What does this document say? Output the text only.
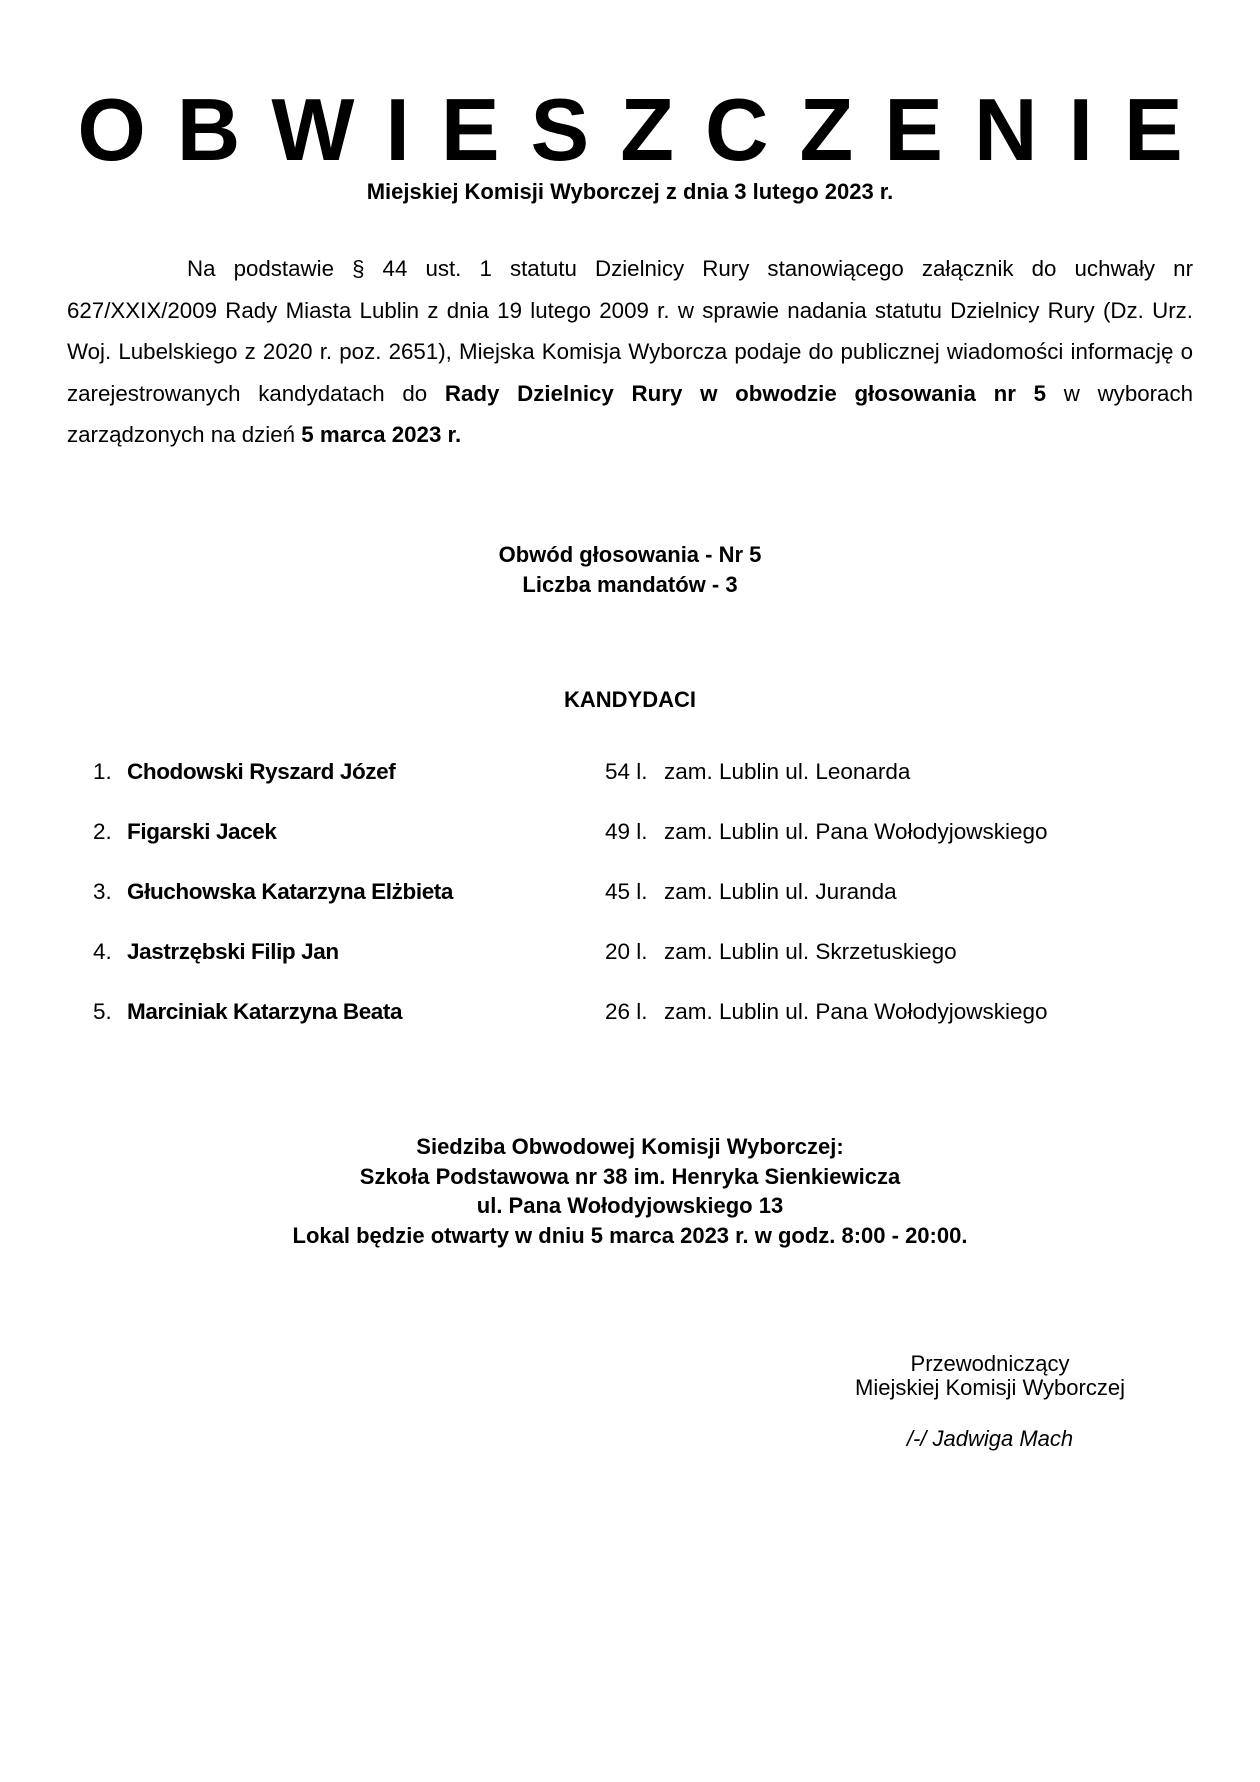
OBWIESZCZENIE
Miejskiej Komisji Wyborczej z dnia 3 lutego 2023 r.

Na podstawie § 44 ust. 1 statutu Dzielnicy Rury stanowiącego załącznik do uchwały nr 627/XXIX/2009 Rady Miasta Lublin z dnia 19 lutego 2009 r. w sprawie nadania statutu Dzielnicy Rury (Dz. Urz. Woj. Lubelskiego z 2020 r. poz. 2651), Miejska Komisja Wyborcza podaje do publicznej wiadomości informację o zarejestrowanych kandydatach do Rady Dzielnicy Rury w obwodzie głosowania nr 5 w wyborach zarządzonych na dzień 5 marca 2023 r.

Obwód głosowania - Nr 5
Liczba mandatów - 3
KANDYDACI
1. Chodowski Ryszard Józef	54 l. zam. Lublin ul. Leonarda
2. Figarski Jacek	49 l. zam. Lublin ul. Pana Wołodyjowskiego
3. Głuchowska Katarzyna Elżbieta	45 l. zam. Lublin ul. Juranda
4. Jastrzębski Filip Jan	20 l. zam. Lublin ul. Skrzetuskiego
5. Marciniak Katarzyna Beata	26 l. zam. Lublin ul. Pana Wołodyjowskiego
Siedziba Obwodowej Komisji Wyborczej:
Szkoła Podstawowa nr 38 im. Henryka Sienkiewicza
ul. Pana Wołodyjowskiego 13
Lokal będzie otwarty w dniu 5 marca 2023 r. w godz. 8:00 - 20:00.
Przewodniczący
Miejskiej Komisji Wyborczej
/-/ Jadwiga Mach
